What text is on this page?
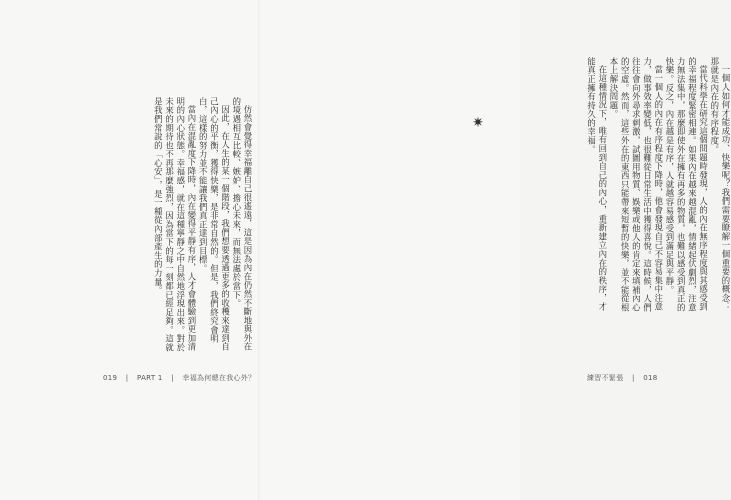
仿然會覺得幸福離自己很遙遠，這是因為內在仍然不斷地與外在的境遇相互比較、嫉妒、擔心未來，而無法處於當下。

因此，在人生的某一個階段，我們想要透過更多的收穫來達到自己內心的平衡，獲得快樂，是非常自然的。但是，我們終究會明白，這樣的努力並不能讓我們真正達到目標。

當內在混亂度下降時，內在變得平靜有序，人才會體驗到更加清明的內心狀態。幸福感，就在這種寧靜之中自然地浮現出來。對於未來的期待也不再那麼強烈，因為當下的每一刻都已經足夠。這就是我們常說的「心安」，是一種從內部產生的力量。

019 | PART 1 | 幸福為何總在我心外？

一個人如何才能成功、快樂呢？我們需要瞭解一個重要的概念：那就是內在的有序程度。

當代科學在研究這個問題時發現，人的內在無序程度與其感受到的幸福程度緊密相連。如果內在越來越混亂，情緒起伏劇烈，注意力無法集中，那麼即使外在擁有再多的物質，也難以感受到真正的快樂。反之，內在越是有序，人就越容易感受到滿足與平靜。

當一個人的內在有序程度下降時，他會發現自己不容易集中注意力，做事效率變低，也很難從日常生活中獲得喜悅。這時候，人們往往會向外尋求刺激，試圖用物質、娛樂或他人的肯定來填補內心的空虛。然而，這些外在的東西只能帶來短暫的快樂，並不能從根本上解決問題。

在這種情況下，唯有回到自己的內心，重新建立內在的秩序，才能真正擁有持久的幸福。

練習不緊張 | 018
✷
